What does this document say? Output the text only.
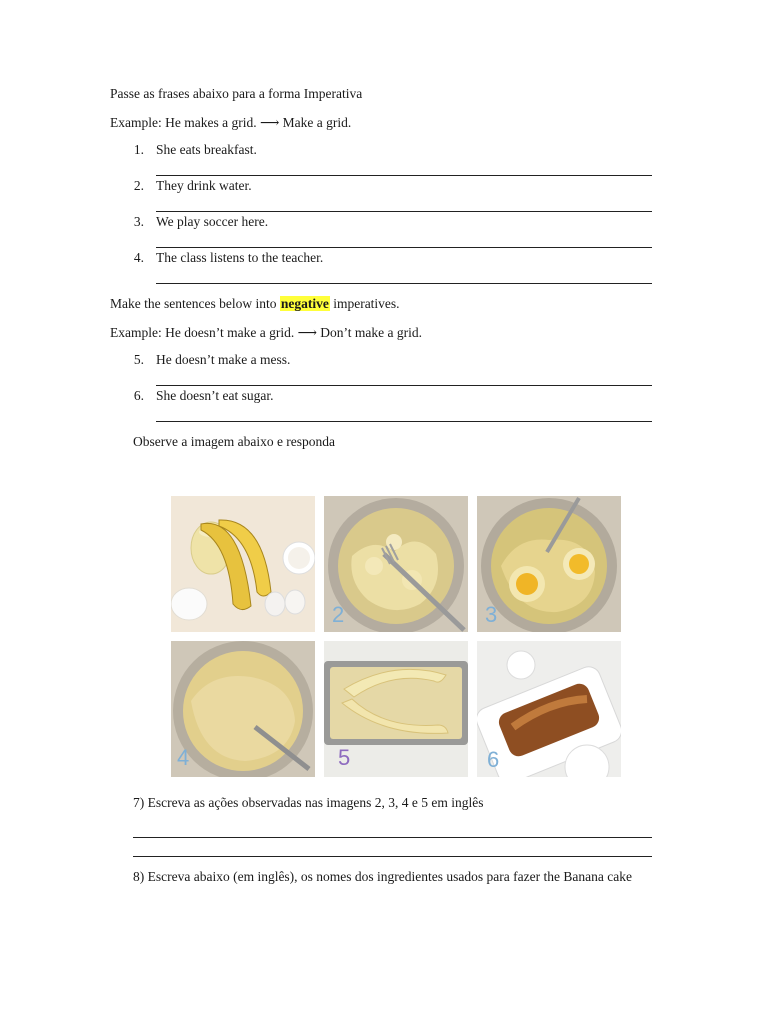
Passe as frases abaixo para a forma Imperativa
Example: He makes a grid. ⟶ Make a grid.
1. She eats breakfast.
2. They drink water.
3. We play soccer here.
4. The class listens to the teacher.
Make the sentences below into negative imperatives.
Example: He doesn’t make a grid. ⟶ Don’t make a grid.
5. He doesn’t make a mess.
6. She doesn’t eat sugar.
Observe a imagem abaixo e responda
2	3
4	5	6
7) Escreva as ações observadas nas imagens 2, 3, 4 e 5 em inglês
8) Escreva abaixo (em inglês), os nomes dos ingredientes usados para fazer the Banana cake
